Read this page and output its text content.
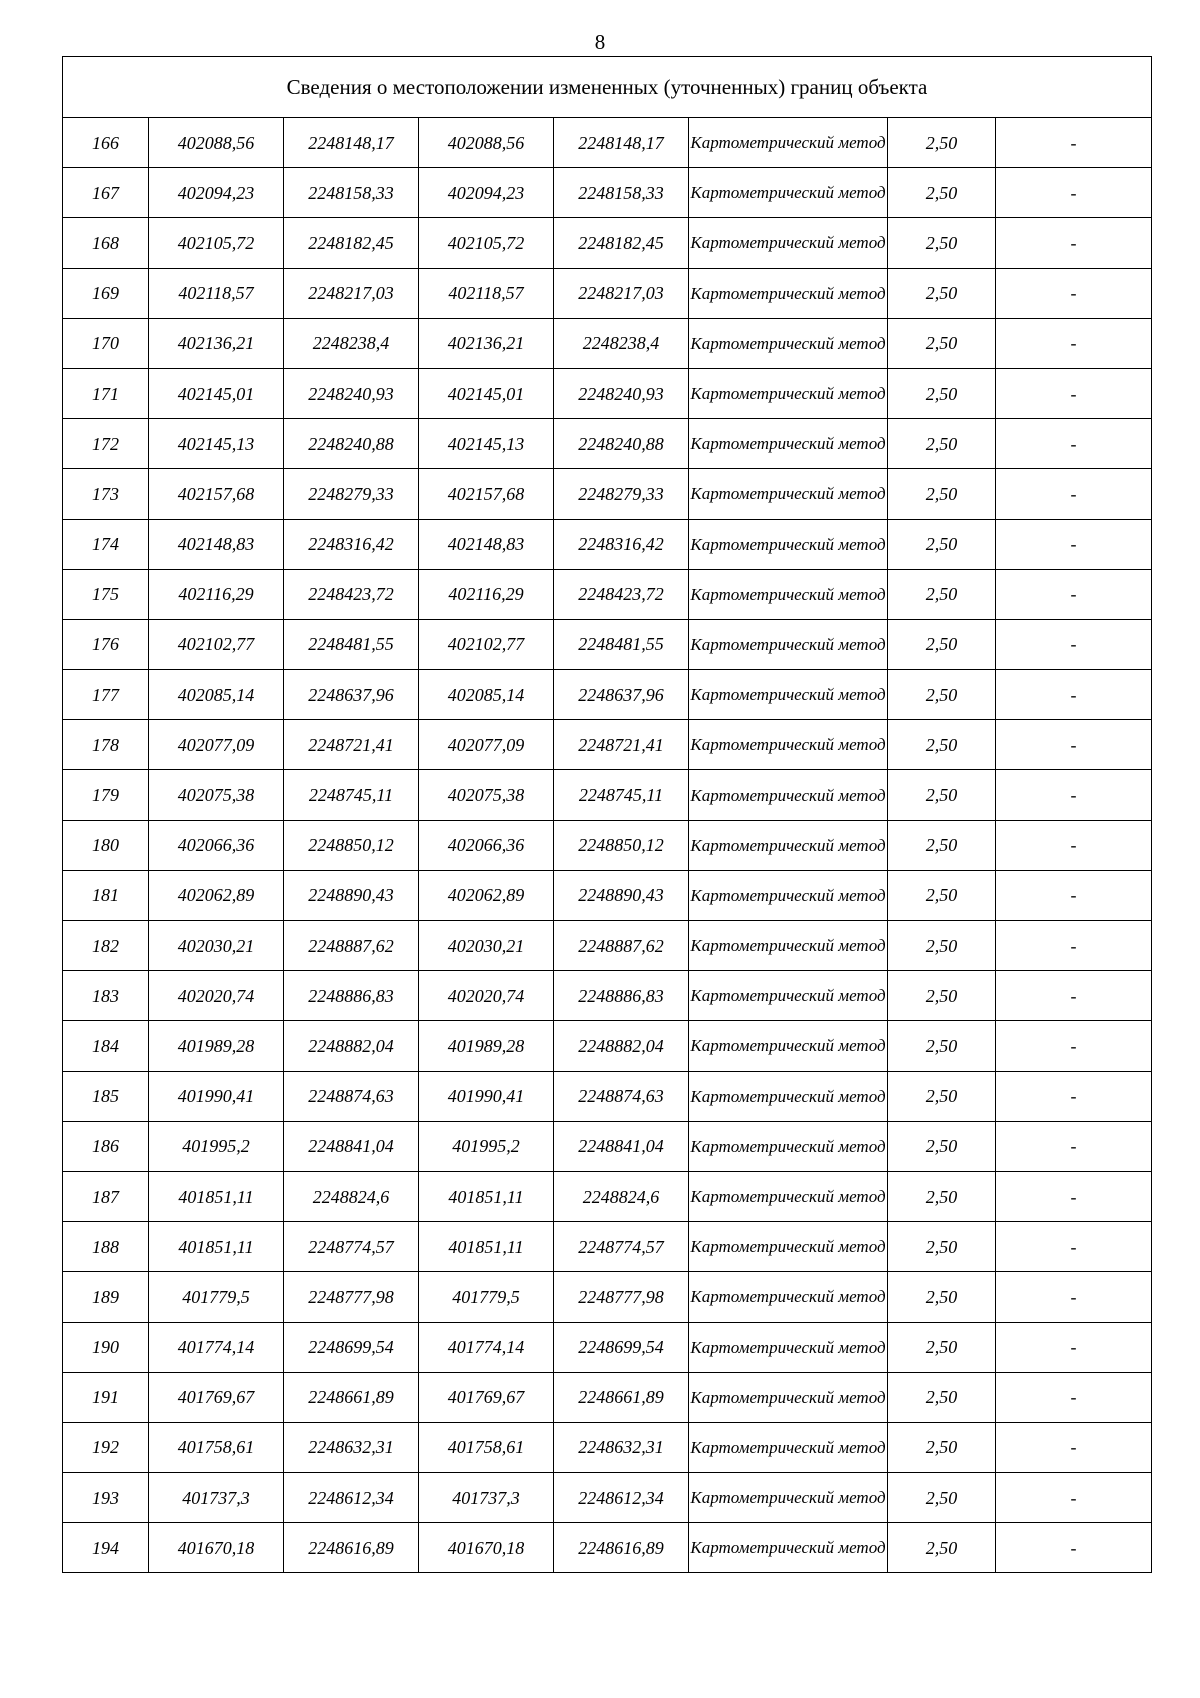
8
Сведения о местоположении измененных (уточненных) границ объекта							
166	402088,56	2248148,17	402088,56	2248148,17	Картометрический метод	2,50	-
167	402094,23	2248158,33	402094,23	2248158,33	Картометрический метод	2,50	-
168	402105,72	2248182,45	402105,72	2248182,45	Картометрический метод	2,50	-
169	402118,57	2248217,03	402118,57	2248217,03	Картометрический метод	2,50	-
170	402136,21	2248238,4	402136,21	2248238,4	Картометрический метод	2,50	-
171	402145,01	2248240,93	402145,01	2248240,93	Картометрический метод	2,50	-
172	402145,13	2248240,88	402145,13	2248240,88	Картометрический метод	2,50	-
173	402157,68	2248279,33	402157,68	2248279,33	Картометрический метод	2,50	-
174	402148,83	2248316,42	402148,83	2248316,42	Картометрический метод	2,50	-
175	402116,29	2248423,72	402116,29	2248423,72	Картометрический метод	2,50	-
176	402102,77	2248481,55	402102,77	2248481,55	Картометрический метод	2,50	-
177	402085,14	2248637,96	402085,14	2248637,96	Картометрический метод	2,50	-
178	402077,09	2248721,41	402077,09	2248721,41	Картометрический метод	2,50	-
179	402075,38	2248745,11	402075,38	2248745,11	Картометрический метод	2,50	-
180	402066,36	2248850,12	402066,36	2248850,12	Картометрический метод	2,50	-
181	402062,89	2248890,43	402062,89	2248890,43	Картометрический метод	2,50	-
182	402030,21	2248887,62	402030,21	2248887,62	Картометрический метод	2,50	-
183	402020,74	2248886,83	402020,74	2248886,83	Картометрический метод	2,50	-
184	401989,28	2248882,04	401989,28	2248882,04	Картометрический метод	2,50	-
185	401990,41	2248874,63	401990,41	2248874,63	Картометрический метод	2,50	-
186	401995,2	2248841,04	401995,2	2248841,04	Картометрический метод	2,50	-
187	401851,11	2248824,6	401851,11	2248824,6	Картометрический метод	2,50	-
188	401851,11	2248774,57	401851,11	2248774,57	Картометрический метод	2,50	-
189	401779,5	2248777,98	401779,5	2248777,98	Картометрический метод	2,50	-
190	401774,14	2248699,54	401774,14	2248699,54	Картометрический метод	2,50	-
191	401769,67	2248661,89	401769,67	2248661,89	Картометрический метод	2,50	-
192	401758,61	2248632,31	401758,61	2248632,31	Картометрический метод	2,50	-
193	401737,3	2248612,34	401737,3	2248612,34	Картометрический метод	2,50	-
194	401670,18	2248616,89	401670,18	2248616,89	Картометрический метод	2,50	-
